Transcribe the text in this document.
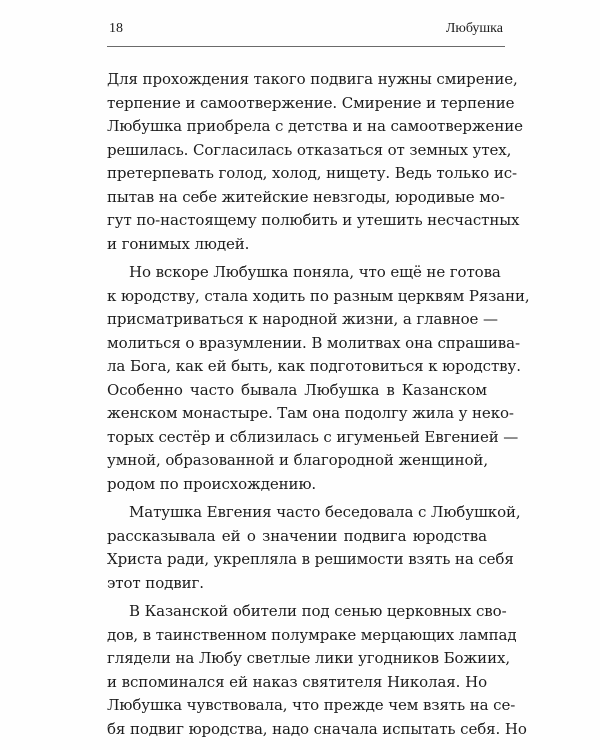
18	Любушка
Для прохождения такого подвига нужны смирение,
терпение и самоотвержение. Смирение и терпение
Любушка приобрела с детства и на самоотвержение
решилась. Согласилась отказаться от земных утех,
претерпевать голод, холод, нищету. Ведь только ис-
пытав на себе житейские невзгоды, юродивые мо-
гут по-настоящему полюбить и утешить несчастных
и гонимых людей.
Но вскоре Любушка поняла, что ещё не готова
к юродству, стала ходить по разным церквям Рязани,
присматриваться к народной жизни, а главное —
молиться о вразумлении. В молитвах она спрашива-
ла Бога, как ей быть, как подготовиться к юродству.
Особенно часто бывала Любушка в Казанском
женском монастыре. Там она подолгу жила у неко-
торых сестёр и сблизилась с игуменьей Евгенией —
умной, образованной и благородной женщиной,
родом по происхождению.
Матушка Евгения часто беседовала с Любушкой,
рассказывала ей о значении подвига юродства
Христа ради, укрепляла в решимости взять на себя
этот подвиг.
В Казанской обители под сенью церковных сво-
дов, в таинственном полумраке мерцающих лампад
глядели на Любу светлые лики угодников Божиих,
и вспоминался ей наказ святителя Николая. Но
Любушка чувствовала, что прежде чем взять на се-
бя подвиг юродства, надо сначала испытать себя. Но
